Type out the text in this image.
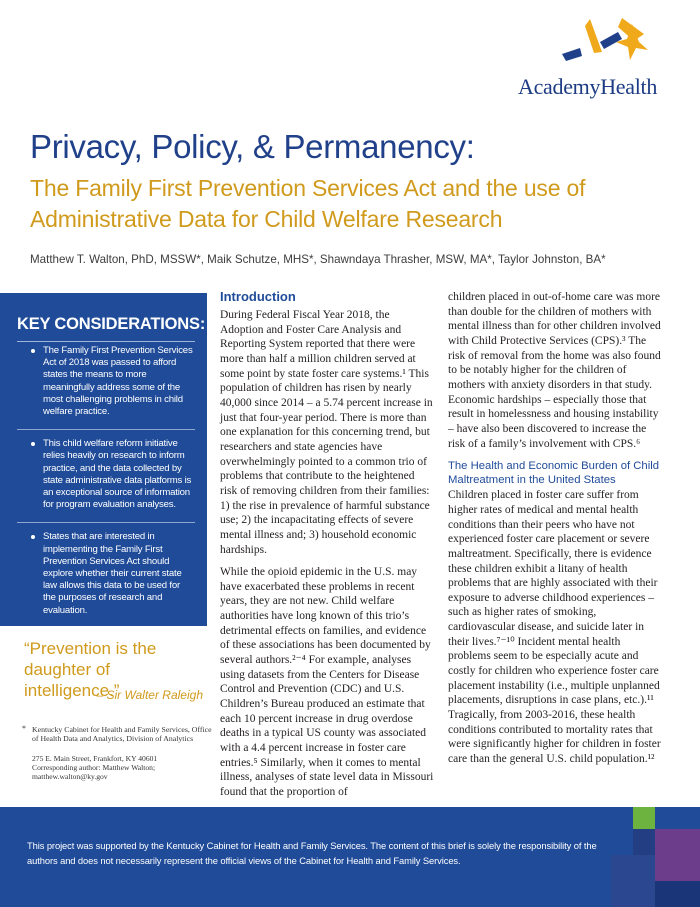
AcademyHealth
Privacy, Policy, & Permanency:
The Family First Prevention Services Act and the use of Administrative Data for Child Welfare Research
Matthew T. Walton, PhD, MSSW*, Maik Schutze, MHS*, Shawndaya Thrasher, MSW, MA*, Taylor Johnston, BA*
KEY CONSIDERATIONS:
The Family First Prevention Services Act of 2018 was passed to afford states the means to more meaningfully address some of the most challenging problems in child welfare practice.
This child welfare reform initiative relies heavily on research to inform practice, and the data collected by state administrative data platforms is an exceptional source of information for program evaluation analyses.
States that are interested in implementing the Family First Prevention Services Act should explore whether their current state law allows this data to be used for the purposes of research and evaluation.
“Prevention is the daughter of intelligence.”
– Sir Walter Raleigh
* Kentucky Cabinet for Health and Family Services, Office of Health Data and Analytics, Division of Analytics

275 E. Main Street, Frankfort, KY 40601

Corresponding author: Matthew Walton;

matthew.walton@ky.gov

Introduction

During Federal Fiscal Year 2018, the Adoption and Foster Care Analysis and Reporting System reported that there were more than half a million children served at some point by state foster care systems.¹ This population of children has risen by nearly 40,000 since 2014 – a 5.74 percent increase in just that four-year period. There is more than one explanation for this concerning trend, but researchers and state agencies have overwhelmingly pointed to a common trio of problems that contribute to the heightened risk of removing children from their families: 1) the rise in prevalence of harmful substance use; 2) the incapacitating effects of severe mental illness and; 3) household economic hardships.

While the opioid epidemic in the U.S. may have exacerbated these problems in recent years, they are not new. Child welfare authorities have long known of this trio’s detrimental effects on families, and evidence of these associations has been documented by several authors.²⁻⁴ For example, analyses using datasets from the Centers for Disease Control and Prevention (CDC) and U.S. Children’s Bureau produced an estimate that each 10 percent increase in drug overdose deaths in a typical US county was associated with a 4.4 percent increase in foster care entries.⁵ Similarly, when it comes to mental illness, analyses of state level data in Missouri found that the proportion of

children placed in out-of-home care was more than double for the children of mothers with mental illness than for other children involved with Child Protective Services (CPS).³ The risk of removal from the home was also found to be notably higher for the children of mothers with anxiety disorders in that study. Economic hardships – especially those that result in homelessness and housing instability – have also been discovered to increase the risk of a family’s involvement with CPS.⁶

The Health and Economic Burden of Child Maltreatment in the United States

Children placed in foster care suffer from higher rates of medical and mental health conditions than their peers who have not experienced foster care placement or severe maltreatment. Specifically, there is evidence these children exhibit a litany of health problems that are highly associated with their exposure to adverse childhood experiences – such as higher rates of smoking, cardiovascular disease, and suicide later in their lives.⁷⁻¹⁰ Incident mental health problems seem to be especially acute and costly for children who experience foster care placement instability (i.e., multiple unplanned placements, disruptions in case plans, etc.).¹¹ Tragically, from 2003-2016, these health conditions contributed to mortality rates that were significantly higher for children in foster care than the general U.S. child population.¹²

This project was supported by the Kentucky Cabinet for Health and Family Services. The content of this brief is solely the responsibility of the authors and does not necessarily represent the official views of the Cabinet for Health and Family Services.
